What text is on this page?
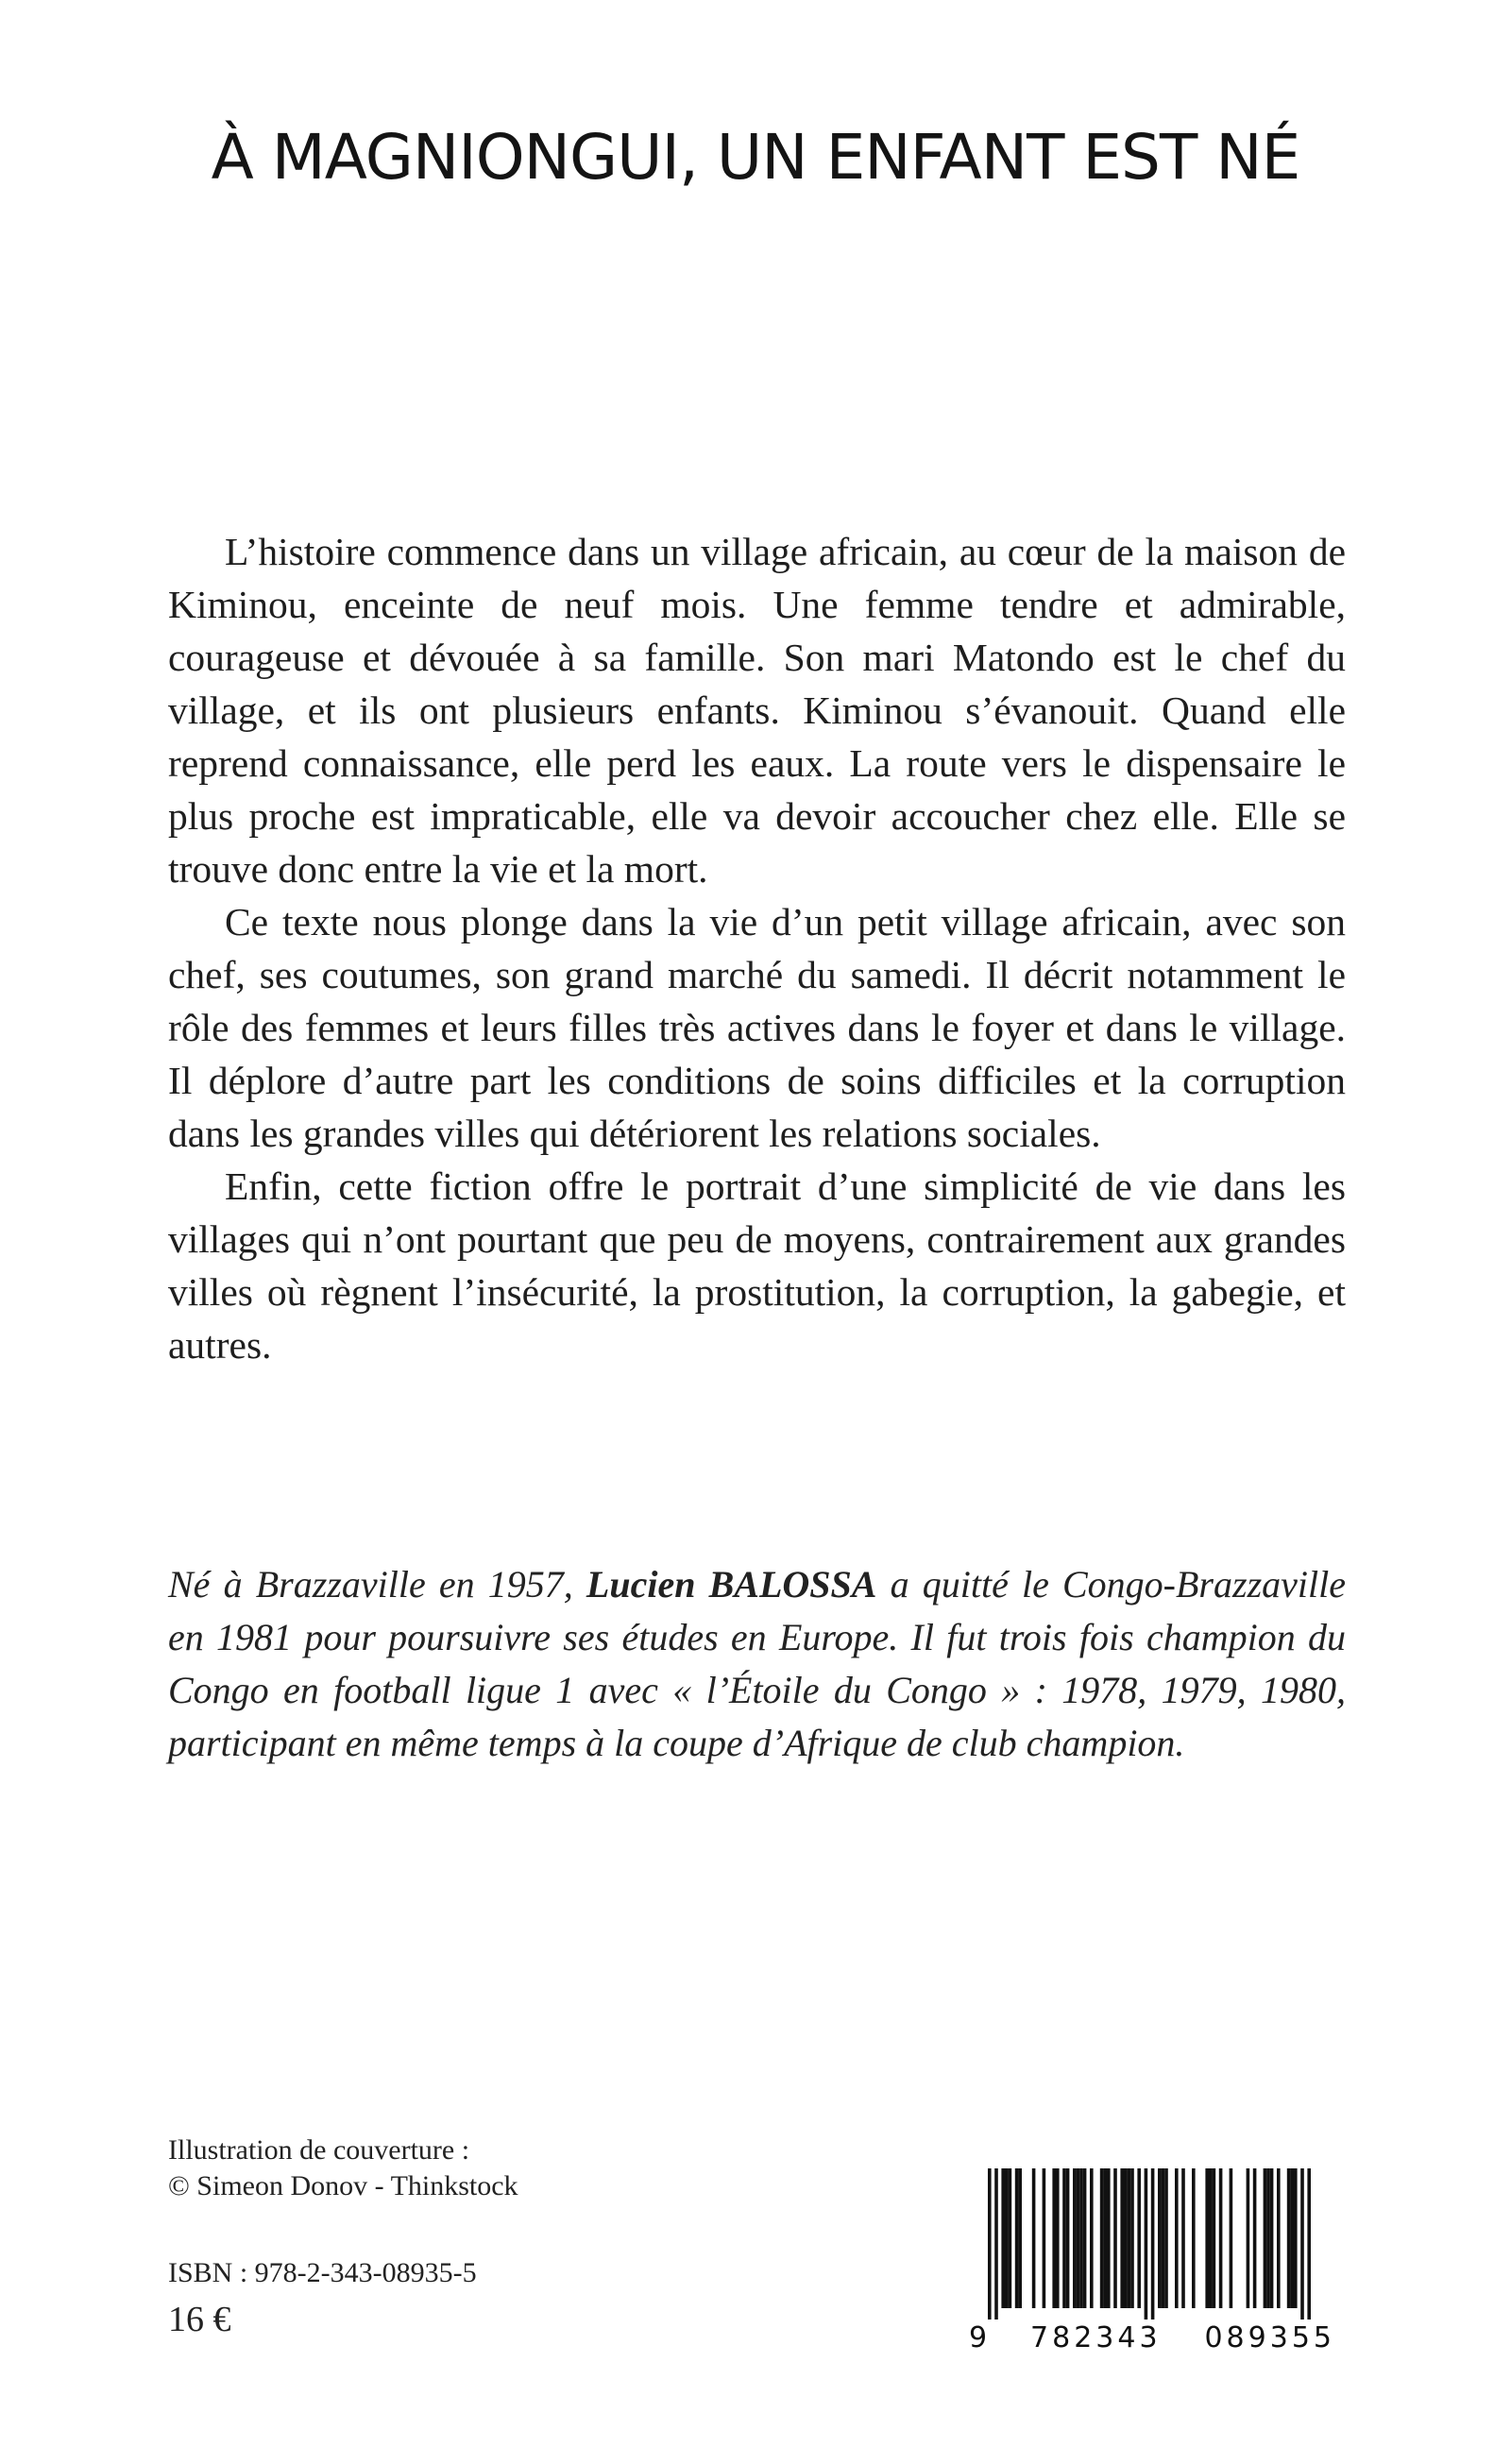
À MAGNIONGUI, UN ENFANT EST NÉ

L’histoire commence dans un village africain, au cœur de la maison de Kiminou, enceinte de neuf mois. Une femme tendre et admirable, courageuse et dévouée à sa famille. Son mari Matondo est le chef du village, et ils ont plusieurs enfants. Kiminou s’évanouit. Quand elle reprend connaissance, elle perd les eaux. La route vers le dispensaire le plus proche est impraticable, elle va devoir accoucher chez elle. Elle se trouve donc entre la vie et la mort.

Ce texte nous plonge dans la vie d’un petit village africain, avec son chef, ses coutumes, son grand marché du samedi. Il décrit notamment le rôle des femmes et leurs filles très actives dans le foyer et dans le village. Il déplore d’autre part les conditions de soins difficiles et la corruption dans les grandes villes qui détériorent les relations sociales.

Enfin, cette fiction offre le portrait d’une simplicité de vie dans les villages qui n’ont pourtant que peu de moyens, contrairement aux grandes villes où règnent l’insécurité, la prostitution, la corruption, la gabegie, et autres.

Né à Brazzaville en 1957, Lucien BALOSSA a quitté le Congo-Brazzaville en 1981 pour poursuivre ses études en Europe. Il fut trois fois champion du Congo en football ligue 1 avec « l’Étoile du Congo » : 1978, 1979, 1980, participant en même temps à la coupe d’Afrique de club champion.
Illustration de couverture :
© Simeon Donov - Thinkstock
ISBN : 978-2-343-08935-5
16 €	9 782343 089355
